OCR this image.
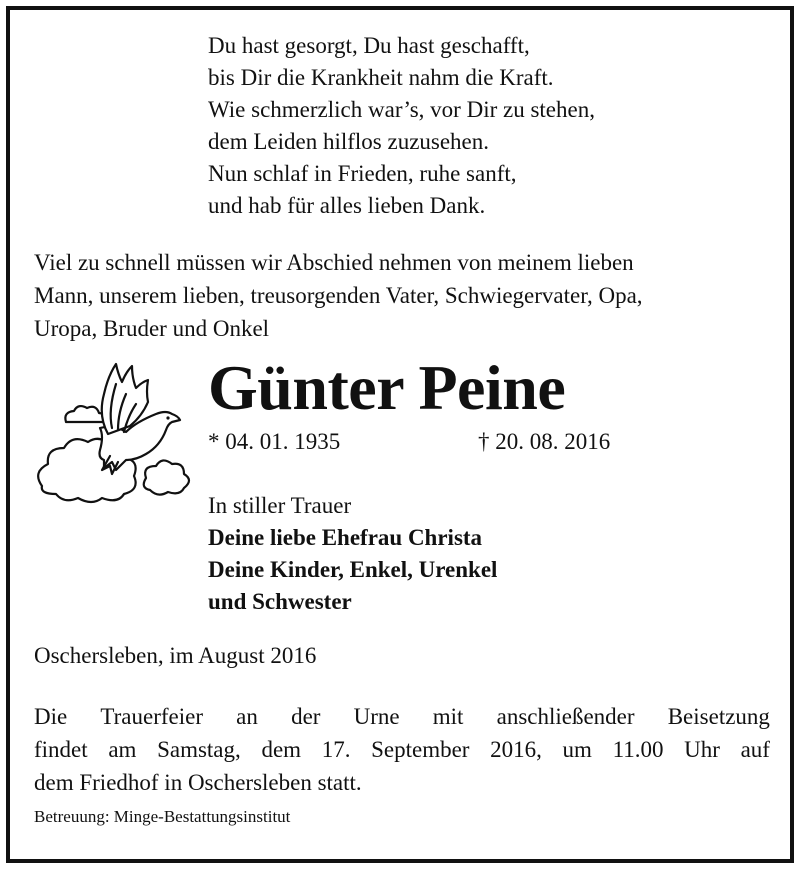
Du hast gesorgt, Du hast geschafft,
bis Dir die Krankheit nahm die Kraft.
Wie schmerzlich war’s, vor Dir zu stehen,
dem Leiden hilflos zuzusehen.
Nun schlaf in Frieden, ruhe sanft,
und hab für alles lieben Dank.
Viel zu schnell müssen wir Abschied nehmen von meinem lieben
Mann, unserem lieben, treusorgenden Vater, Schwiegervater, Opa,
Uropa, Bruder und Onkel
Günter Peine
* 04. 01. 1935	† 20. 08. 2016
In stiller Trauer
Deine liebe Ehefrau Christa
Deine Kinder, Enkel, Urenkel
und Schwester
Oschersleben, im August 2016
Die Trauerfeier an der Urne mit anschließender Beisetzung
findet am Samstag, dem 17. September 2016, um 11.00 Uhr auf
dem Friedhof in Oschersleben statt.
Betreuung: Minge-Bestattungsinstitut
